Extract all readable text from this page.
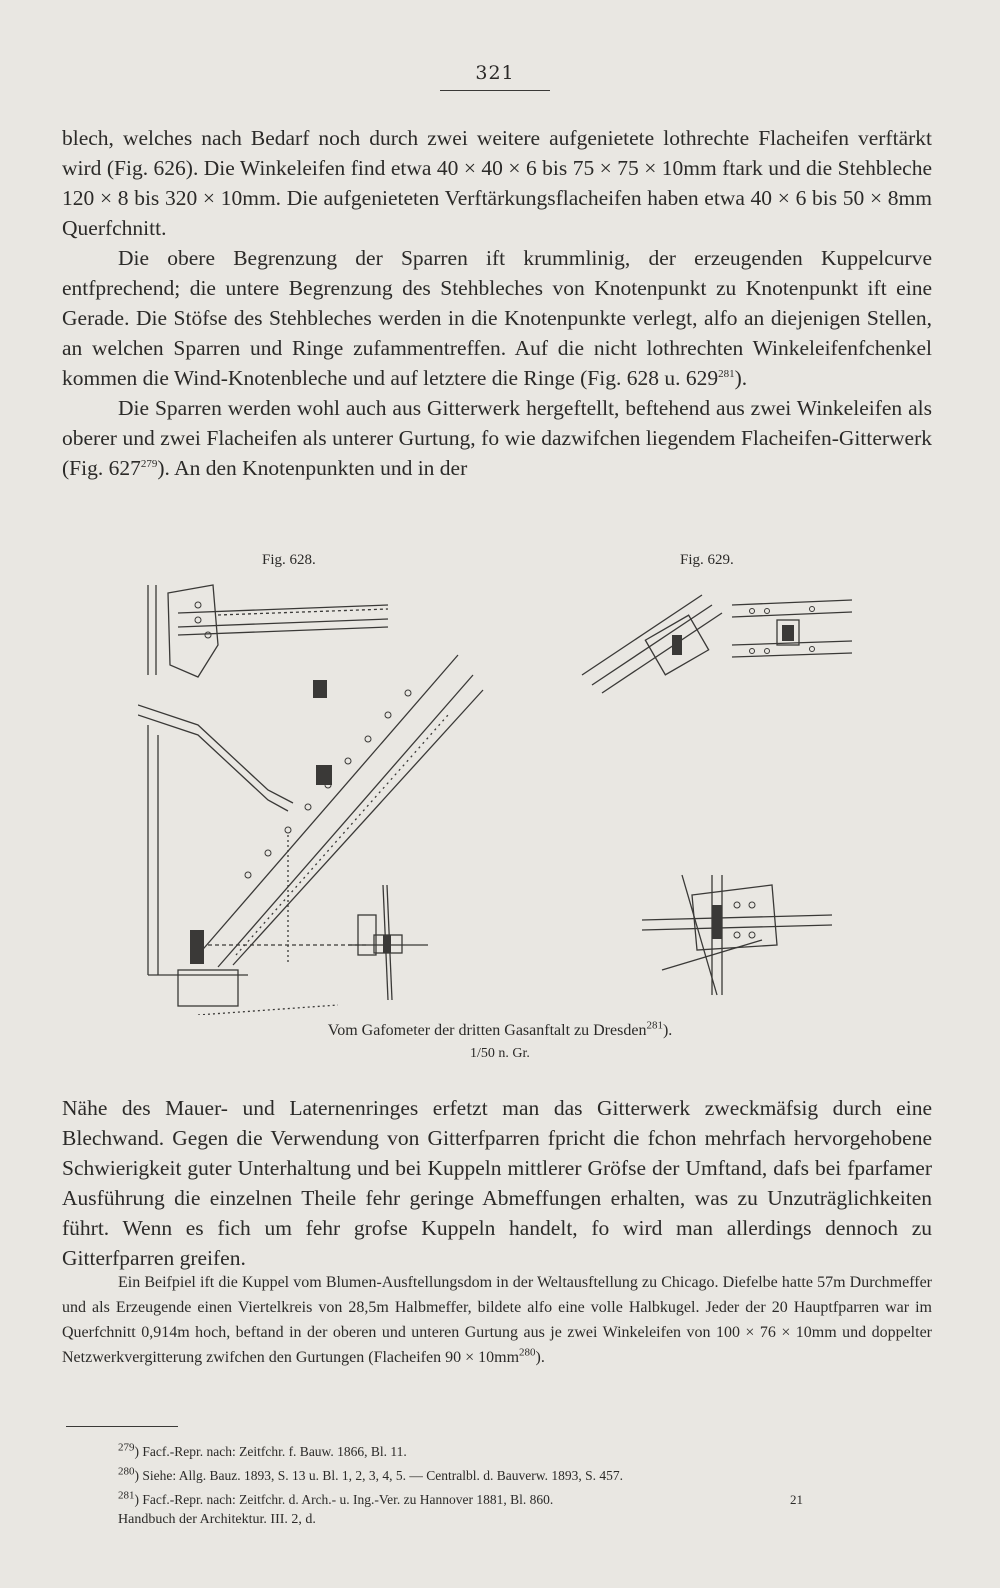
321

blech, welches nach Bedarf noch durch zwei weitere aufgenietete lothrechte Flacheifen verftärkt wird (Fig. 626). Die Winkeleifen find etwa 40 × 40 × 6 bis 75 × 75 × 10mm ftark und die Stehbleche 120 × 8 bis 320 × 10mm. Die aufgenieteten Verftärkungsflacheifen haben etwa 40 × 6 bis 50 × 8mm Querfchnitt.

Die obere Begrenzung der Sparren ift krummlinig, der erzeugenden Kuppelcurve entfprechend; die untere Begrenzung des Stehbleches von Knotenpunkt zu Knotenpunkt ift eine Gerade. Die Stöfse des Stehbleches werden in die Knotenpunkte verlegt, alfo an diejenigen Stellen, an welchen Sparren und Ringe zufammentreffen. Auf die nicht lothrechten Winkeleifenfchenkel kommen die Wind-Knotenbleche und auf letztere die Ringe (Fig. 628 u. $629^{281}$).

Die Sparren werden wohl auch aus Gitterwerk hergeftellt, beftehend aus zwei Winkeleifen als oberer und zwei Flacheifen als unterer Gurtung, fo wie dazwifchen liegendem Flacheifen-Gitterwerk (Fig. $627^{279}$). An den Knotenpunkten und in der

Fig. 628.	Fig. 629.
Vom Gafometer der dritten Gasanftalt zu Dresden$^{281}$).
1/50 n. Gr.

Nähe des Mauer- und Laternenringes erfetzt man das Gitterwerk zweckmäfsig durch eine Blechwand. Gegen die Verwendung von Gitterfparren fpricht die fchon mehrfach hervorgehobene Schwierigkeit guter Unterhaltung und bei Kuppeln mittlerer Gröfse der Umftand, dafs bei fparfamer Ausführung die einzelnen Theile fehr geringe Abmeffungen erhalten, was zu Unzuträglichkeiten führt. Wenn es fich um fehr grofse Kuppeln handelt, fo wird man allerdings dennoch zu Gitterfparren greifen.

Ein Beifpiel ift die Kuppel vom Blumen-Ausftellungsdom in der Weltausftellung zu Chicago. Diefelbe hatte 57m Durchmeffer und als Erzeugende einen Viertelkreis von 28,5m Halbmeffer, bildete alfo eine volle Halbkugel. Jeder der 20 Hauptfparren war im Querfchnitt 0,914m hoch, beftand in der oberen und unteren Gurtung aus je zwei Winkeleifen von 100 × 76 × 10mm und doppelter Netzwerkvergitterung zwifchen den Gurtungen (Flacheifen $90 \times 10mm^{280}$).

$^{279}$) Facf.-Repr. nach: Zeitfchr. f. Bauw. 1866, Bl. 11.
$^{280}$) Siehe: Allg. Bauz. 1893, S. 13 u. Bl. 1, 2, 3, 4, 5. — Centralbl. d. Bauverw. 1893, S. 457.
$^{281}$) Facf.-Repr. nach: Zeitfchr. d. Arch.- u. Ing.-Ver. zu Hannover 1881, Bl. 860.	21
Handbuch der Architektur. III. 2, d.
